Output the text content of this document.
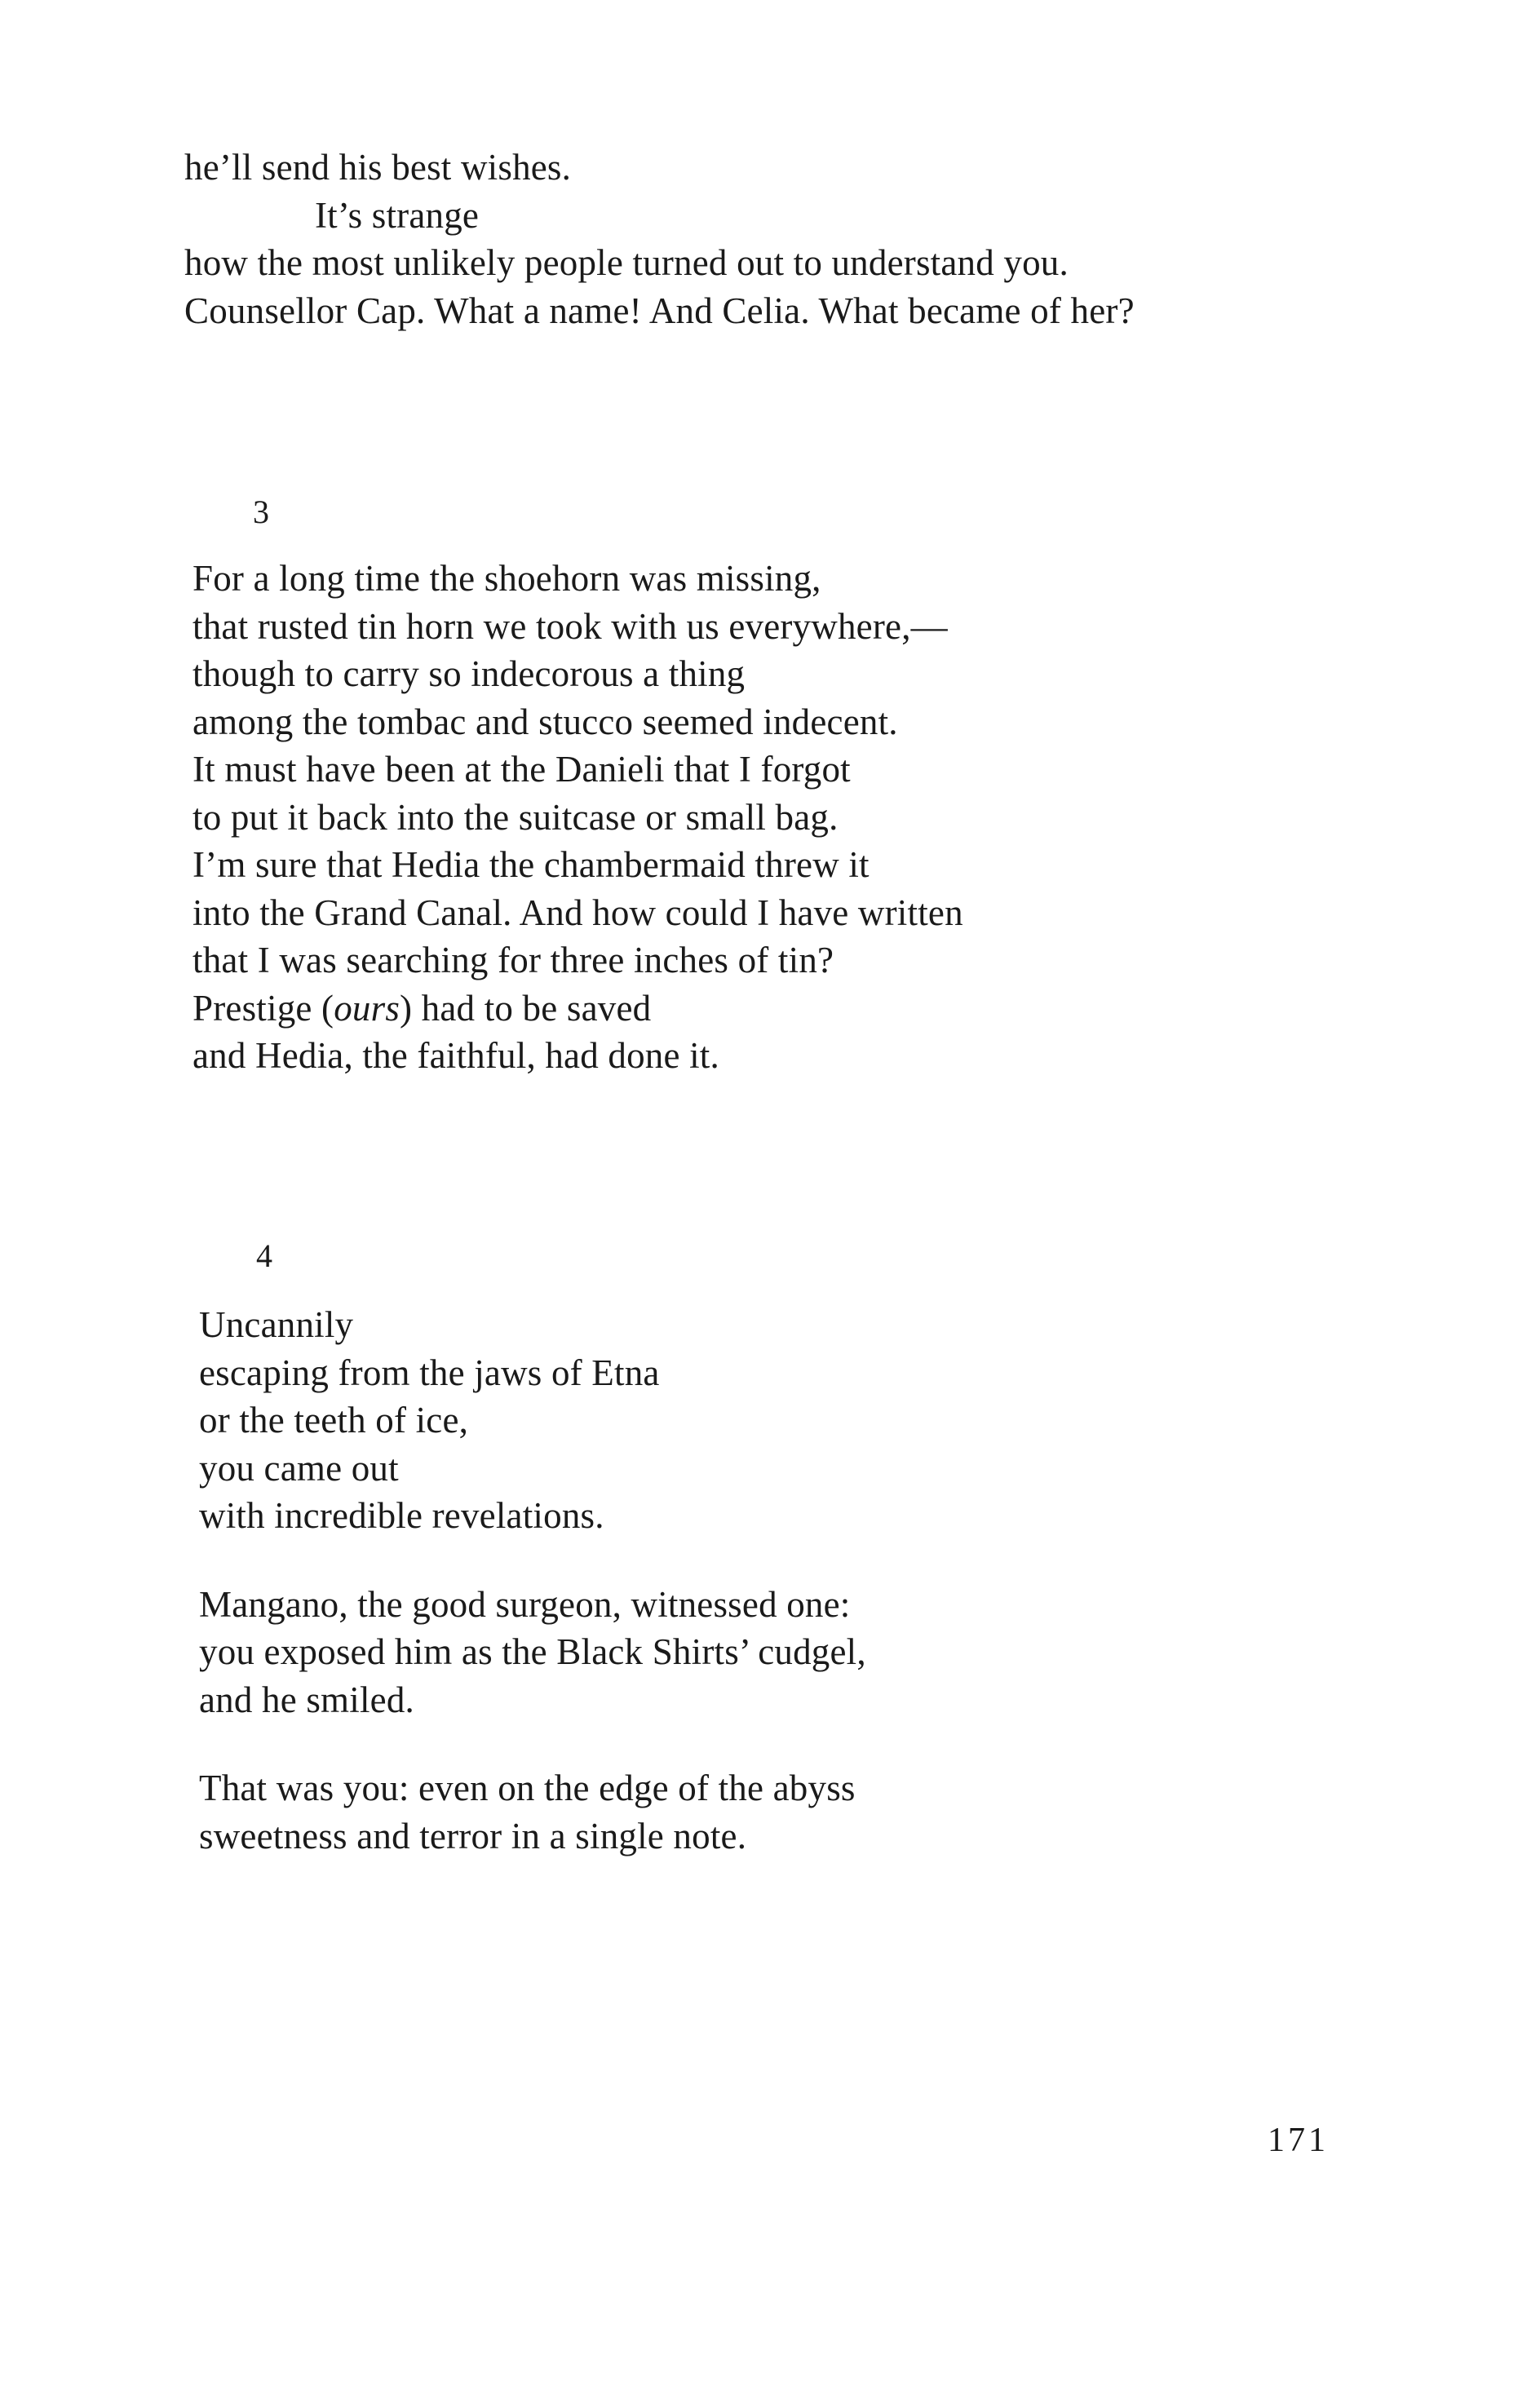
he’ll send his best wishes.
It’s strange
how the most unlikely people turned out to understand you.
Counsellor Cap. What a name! And Celia. What became of her?

3

For a long time the shoehorn was missing,
that rusted tin horn we took with us everywhere,—
though to carry so indecorous a thing
among the tombac and stucco seemed indecent.
It must have been at the Danieli that I forgot
to put it back into the suitcase or small bag.
I’m sure that Hedia the chambermaid threw it
into the Grand Canal. And how could I have written
that I was searching for three inches of tin?
Prestige (ours) had to be saved
and Hedia, the faithful, had done it.

4

Uncannily
escaping from the jaws of Etna
or the teeth of ice,
you came out
with incredible revelations.
Mangano, the good surgeon, witnessed one:
you exposed him as the Black Shirts’ cudgel,
and he smiled.
That was you: even on the edge of the abyss
sweetness and terror in a single note.

171
